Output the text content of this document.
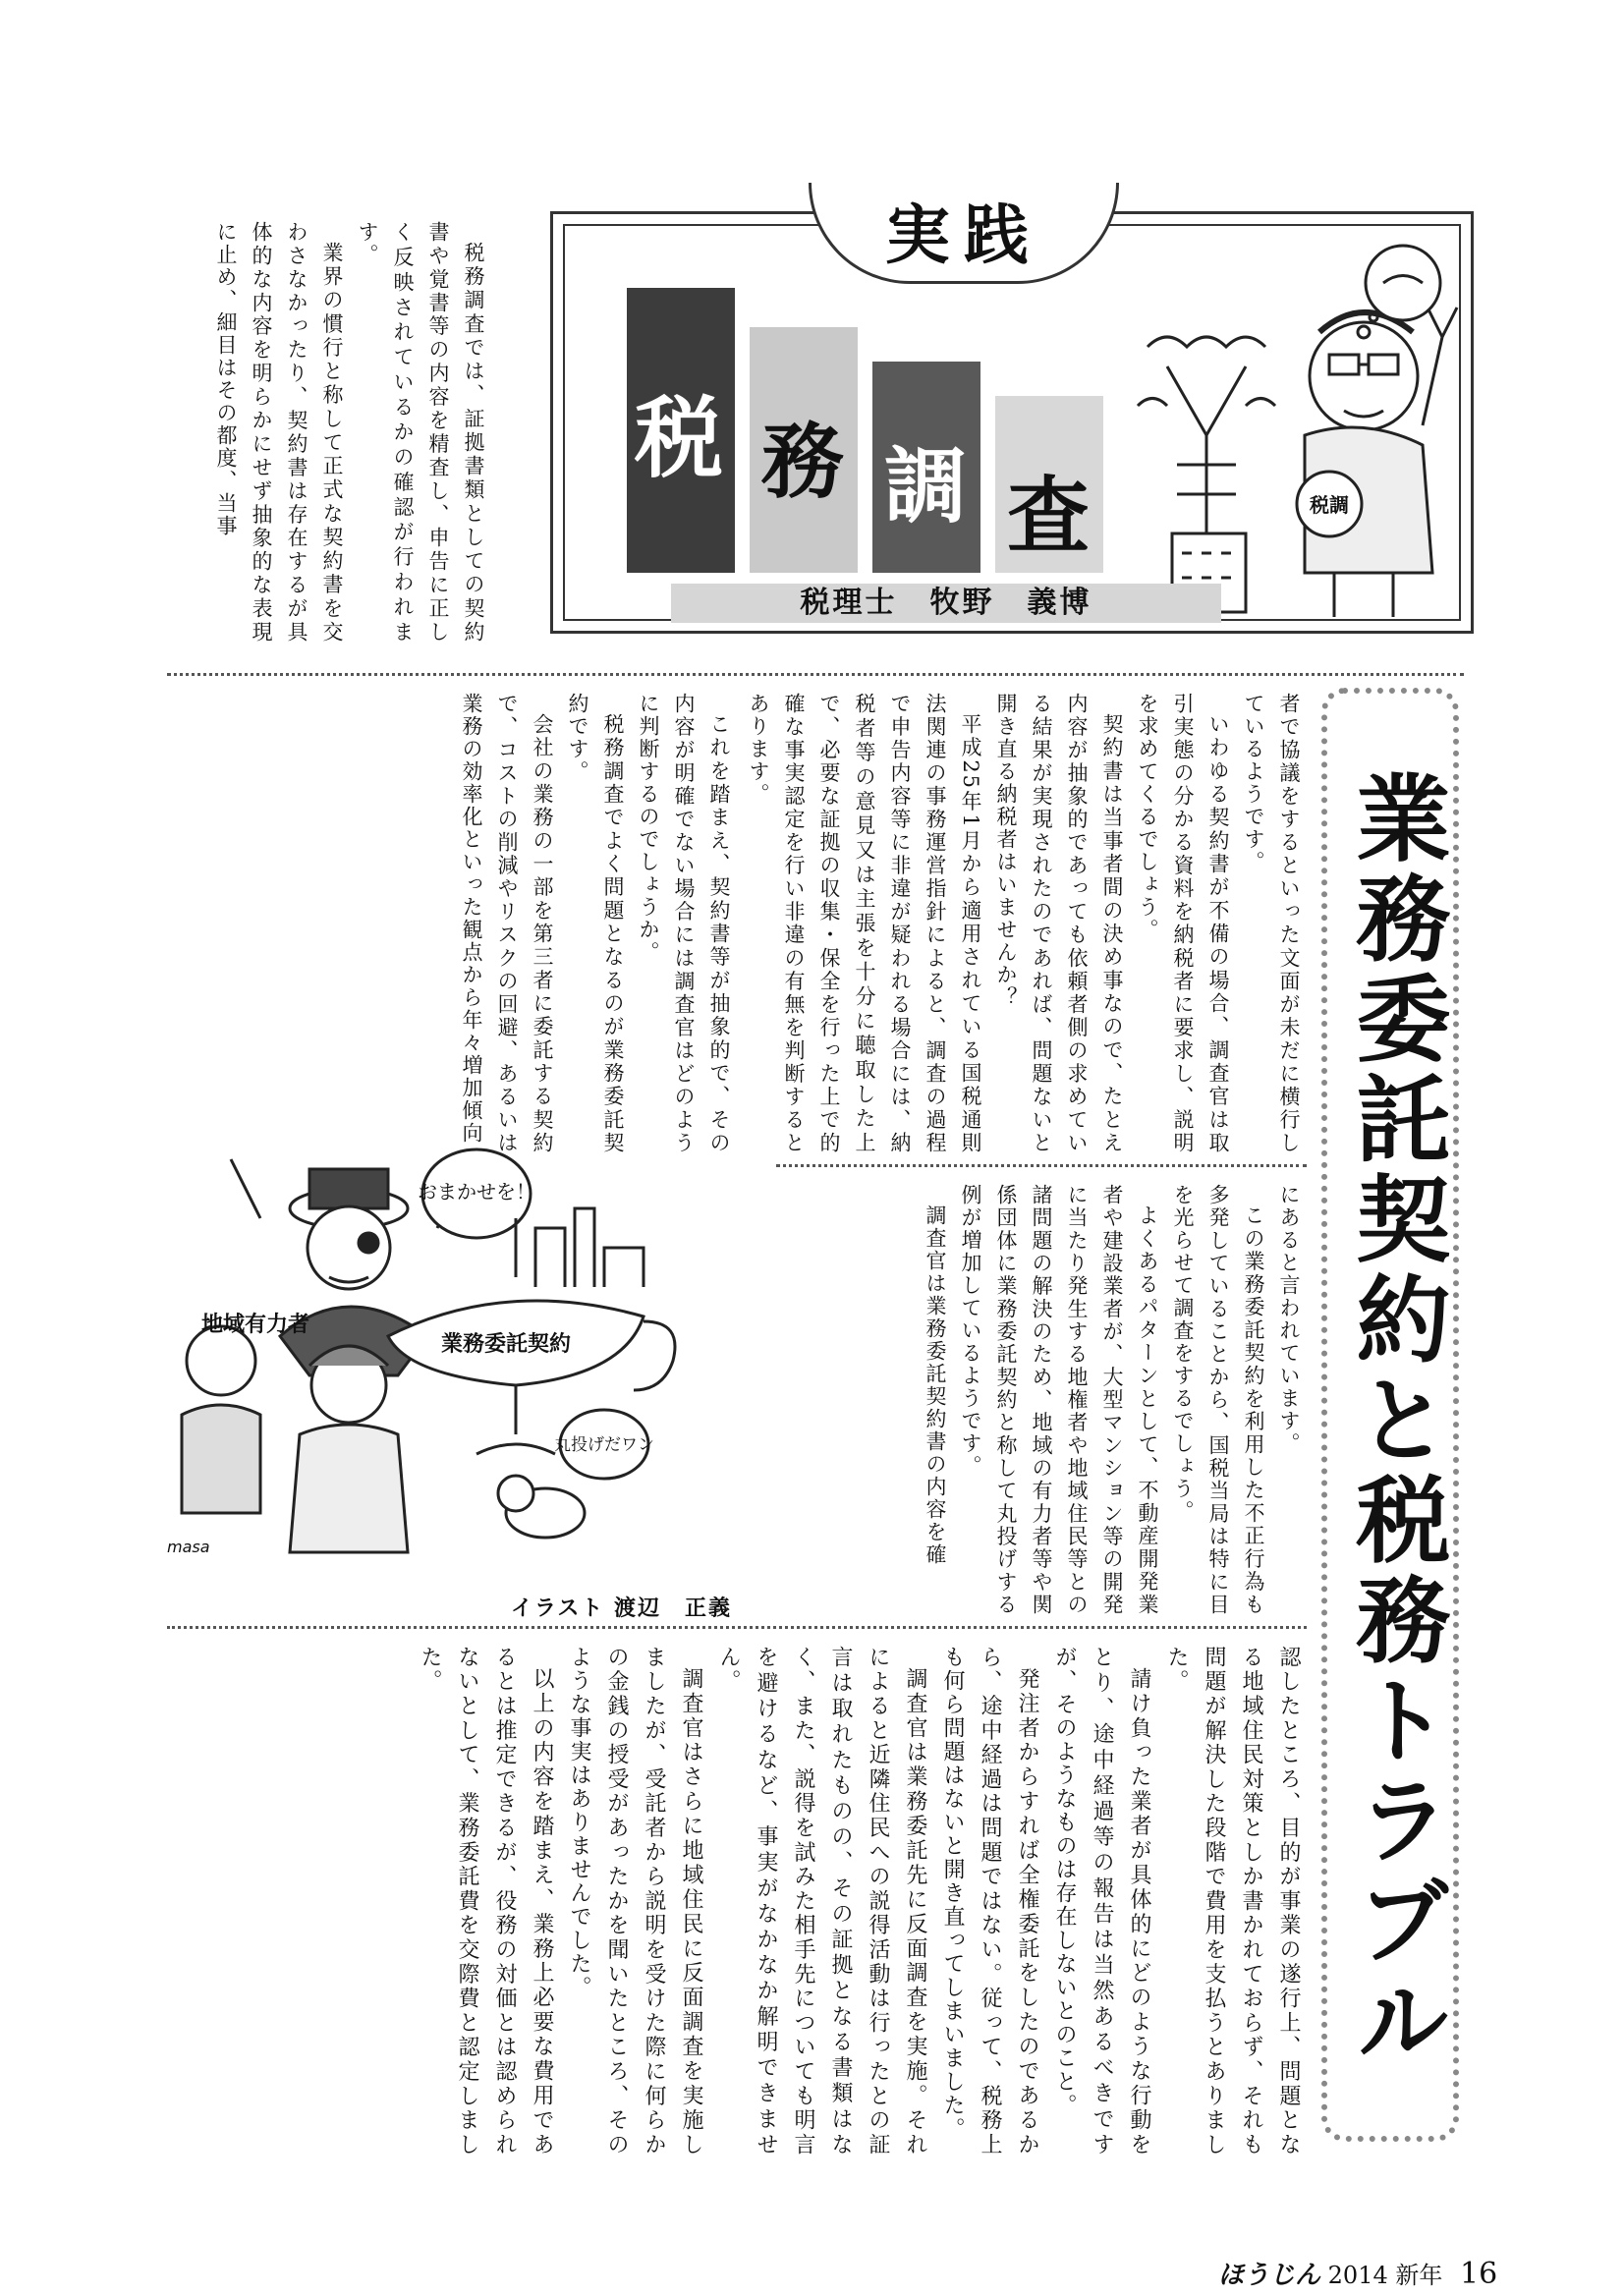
税務調査では、証拠書類としての契約書や覚書等の内容を精査し、申告に正しく反映されているかの確認が行われます。

業界の慣行と称して正式な契約書を交わさなかったり、契約書は存在するが具体的な内容を明らかにせず抽象的な表現に止め、細目はその都度、当事	実践
税 務 調 査	税調
税理士　牧野　義博
業務委託契約と税務トラブル

者で協議をするといった文面が未だに横行しているようです。

いわゆる契約書が不備の場合、調査官は取引実態の分かる資料を納税者に要求し、説明を求めてくるでしょう。

契約書は当事者間の決め事なので、たとえ内容が抽象的であっても依頼者側の求めている結果が実現されたのであれば、問題ないと開き直る納税者はいませんか？

平成25年1月から適用されている国税通則法関連の事務運営指針によると、調査の過程で申告内容等に非違が疑われる場合には、納税者等の意見又は主張を十分に聴取した上で、必要な証拠の収集・保全を行った上で的確な事実認定を行い非違の有無を判断するとあります。

これを踏まえ、契約書等が抽象的で、その内容が明確でない場合には調査官はどのように判断するのでしょうか。

税務調査でよく問題となるのが業務委託契約です。

会社の業務の一部を第三者に委託する契約で、コストの削減やリスクの回避、あるいは業務の効率化といった観点から年々増加傾向

にあると言われています。

この業務委託契約を利用した不正行為も多発していることから、国税当局は特に目を光らせて調査をするでしょう。

よくあるパターンとして、不動産開発業者や建設業者が、大型マンション等の開発に当たり発生する地権者や地域住民等との諸問題の解決のため、地域の有力者等や関係団体に業務委託契約と称して丸投げする例が増加しているようです。

調査官は業務委託契約書の内容を確

おまかせを！
地域有力者
業務委託契約
丸投げだワン
masa
イラスト 渡辺　正義

認したところ、目的が事業の遂行上、問題となる地域住民対策としか書かれておらず、それも問題が解決した段階で費用を支払うとありました。

請け負った業者が具体的にどのような行動をとり、途中経過等の報告は当然あるべきですが、そのようなものは存在しないとのこと。

発注者からすれば全権委託をしたのであるから、途中経過は問題ではない。従って、税務上も何ら問題はないと開き直ってしまいました。

調査官は業務委託先に反面調査を実施。それによると近隣住民への説得活動は行ったとの証言は取れたものの、その証拠となる書類はなく、また、説得を試みた相手先についても明言を避けるなど、事実がなかなか解明できません。

調査官はさらに地域住民に反面調査を実施しましたが、受託者から説明を受けた際に何らかの金銭の授受があったかを聞いたところ、そのような事実はありませんでした。

以上の内容を踏まえ、業務上必要な費用であるとは推定できるが、役務の対価とは認められないとして、業務委託費を交際費と認定しました。

ほうじん 2014 新年 16
